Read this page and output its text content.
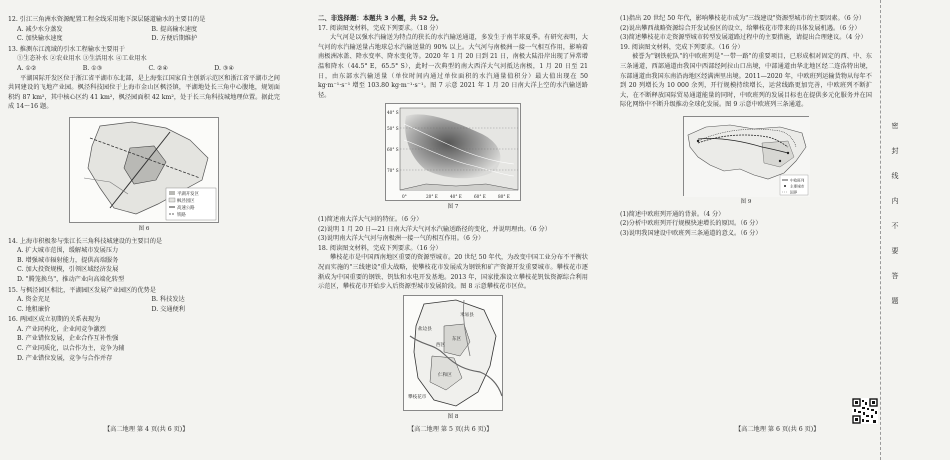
12. 引江三角洲水资源配置工程全线采用地下深层隧道输水的主要目的是
A. 减少水分蒸发	B. 提高输水速度
C. 加快输水速度	D. 方便后期维护
13. 推测东江流域的引水工程输水主要用于
①生态补水 ②农业用水 ③生活用水 ④工业用水
A. ①②	B. ①③	C. ②④	D. ③④
平湖国际开发区位于浙江省平湖市东北部，是上海张江国家自主创新示范区和浙江省平湖市之间共同建设的飞地产业园。枫泾科技园位于上海市金山区枫泾镇，平湖地处长三角中心腹地，规划面积约 87 km²，其中核心区约 41 km²，枫泾园面积 42 km²，处于长三角科技城地理位置。据此完成 14～16 题。
平湖开发区
枫泾园区
高速公路
铁路
图 6
14. 上海市积极参与张江长三角科技城建设的主要目的是
A. 扩大城市范围，缓解城市发展压力
B. 增强城市辐射能力，提供高端服务
C. 加大投资规模，引领区域经济发展
D. "腾笼换鸟"，推动产业向高端化转型
15. 与枫泾园区相比，平湖园区发展产业园区的优势是
A. 资金充足	B. 科技发达
C. 地租廉价	D. 交通便利
16. 两园区成立初期的关系表现为
A. 产业同构化，企业间竞争激烈
B. 产业错位发展，企业合作互补性强
C. 产业同质化，以合作为主，竞争为辅
D. 产业错位发展，竞争与合作并存
二、非选择题：本题共 3 小题，共 52 分。
17. 阅读图文材料，完成下列要求。（18 分）
大气河是以强水汽输送为特点的狭长的水汽输送通道，多发生于南半球夏季。有研究表明，大气河的水汽输送量占地球总水汽输送量的 90% 以上。大气河与南极洲一接一气相互作用，影响着南极洲冰盖、降水变率、降水变化等。2020 年 1 月 20 日到 21 日，南极大陆沿岸出现了异常增温和降水（44.5° E，65.5° S），此时一次典型的南大西洋大气河抵达南极，1 月 20 日至 21 日，由东部水汽输送量（单位时间内通过单位面积的水汽通量值积分）最大值出现在 50 kg·m⁻¹·s⁻¹ 增至 103.80 kg·m⁻¹·s⁻¹。图 7 示意 2021 年 1 月 20 日南大洋上空的水汽输送路径。
40° S
50° S
60° S
70° S
0°	20° E	40° E	60° E	80° E
图 7
(1)简述南大洋大气河的特征。（6 分）
(2)说明 1 月 20 日—21 日南大洋大气河水汽输送路径的变化，并说明理由。（6 分）
(3)说明南大洋大气河与南极洲一接一气的相互作用。（6 分）
18. 阅读图文材料，完成下列要求。（16 分）
攀枝花市是中国西南地区重要的资源型城市。20 世纪 50 年代，为改变中国工业分布不平衡状况而实施的"三线建设"重大战略，使攀枝花市发展成为钢铁和矿产资源开发重要城市。攀枝花市逐渐成为中国重要的钢铁、钒钛和水电开发基地。2013 年，国家批准设立攀枝花钒钛资源综合利用示范区，攀枝花市开始步入后资源型城市发展阶段。图 8 示意攀枝花市区位。
米易县
盐边县
西区
东区
仁和区
攀枝花市
图 8
(1)指出 20 世纪 50 年代，影响攀枝花市成为"三线建设"资源型城市的主要因素。（6 分）
(2)说出攀西战略资源综合开发试验区的设立，给攀枝花市带来的具体发展机遇。（6 分）
(3)简述攀枝花市走资源型城市转型发展道路过程中的主要措施，请提出合理建议。（4 分）
19. 阅读图文材料，完成下列要求。（16 分）
被誉为"钢铁驼队"的中欧班列是"一带一路"的重要项目，已形成相对固定的西、中、东三条通道，西部通道由我国中西部经阿拉山口出境，中部通道由华北地区经二连浩特出境，东部通道由我国东南沿海地区经满洲里出境。2011—2020 年，中欧班列运输货物从每年不到 20 列增长为 10 000 余列，开行规模持续增长，运营线路更加完善，中欧班列不断扩大，在不断释放国际贸易通道能量的同时，中欧班列的发展目标也在提供多元化服务并在国际化网络中不断升级推动全球化发展。图 9 示意中欧班列三条通道。
中欧班列
主要城市
国界
图 9
(1)简述中欧班列开通的背景。（4 分）
(2)分析中欧班列开行规模快速增长的原因。（6 分）
(3)说明我国建设中欧班列三条通道的意义。（6 分）
【高二地理 第 4 页(共 6 页)】	【高二地理 第 5 页(共 6 页)】	【高二地理 第 6 页(共 6 页)】
密
封
线
内
不
要
答
题
